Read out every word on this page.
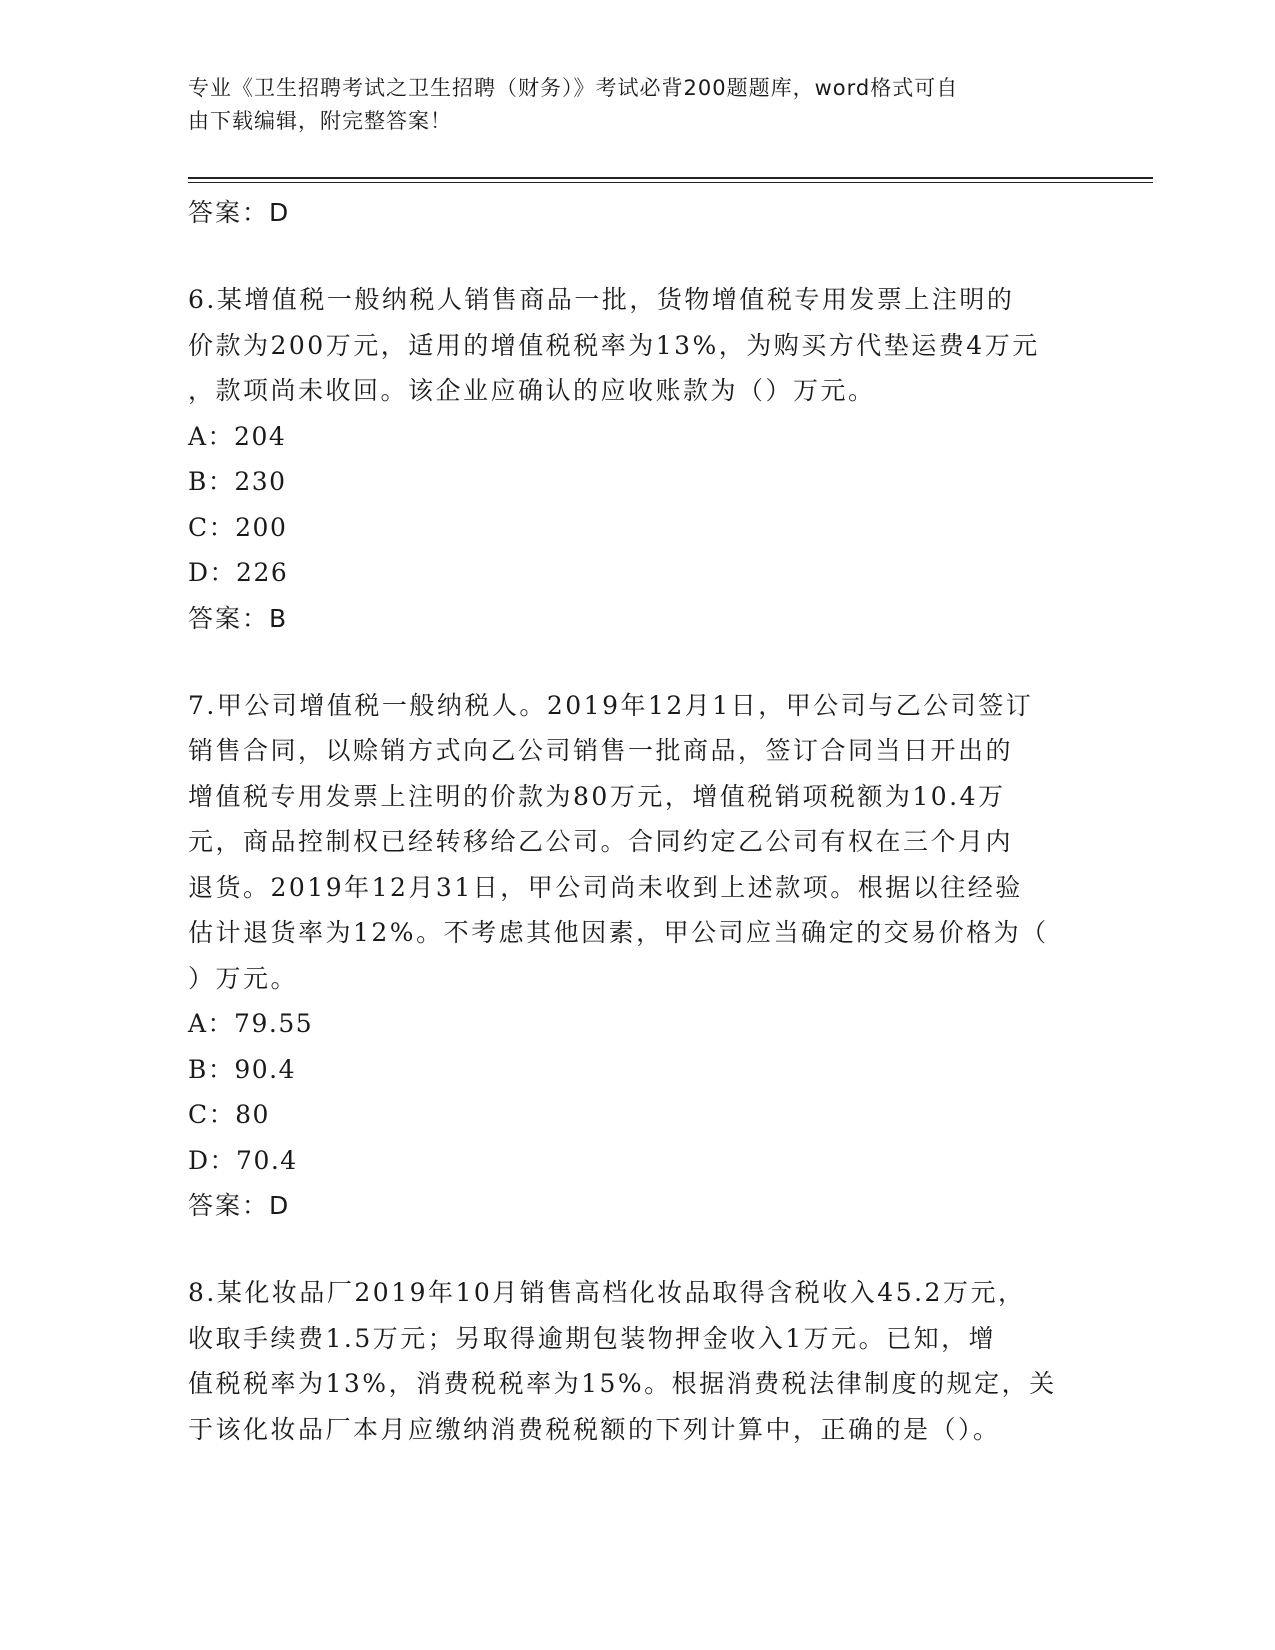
专业《卫生招聘考试之卫生招聘（财务）》考试必背200题题库，word格式可自
由下载编辑，附完整答案！

答案：D

6.某增值税一般纳税人销售商品一批，货物增值税专用发票上注明的

价款为200万元，适用的增值税税率为13%，为购买方代垫运费4万元

，款项尚未收回。该企业应确认的应收账款为（）万元。

A：204

B：230

C：200

D：226

答案：B

7.甲公司增值税一般纳税人。2019年12月1日，甲公司与乙公司签订

销售合同，以赊销方式向乙公司销售一批商品，签订合同当日开出的

增值税专用发票上注明的价款为80万元，增值税销项税额为10.4万

元，商品控制权已经转移给乙公司。合同约定乙公司有权在三个月内

退货。2019年12月31日，甲公司尚未收到上述款项。根据以往经验

估计退货率为12%。不考虑其他因素，甲公司应当确定的交易价格为（

）万元。

A：79.55

B：90.4

C：80

D：70.4

答案：D

8.某化妆品厂2019年10月销售高档化妆品取得含税收入45.2万元，

收取手续费1.5万元；另取得逾期包装物押金收入1万元。已知，增

值税税率为13%，消费税税率为15%。根据消费税法律制度的规定，关

于该化妆品厂本月应缴纳消费税税额的下列计算中，正确的是（）。
